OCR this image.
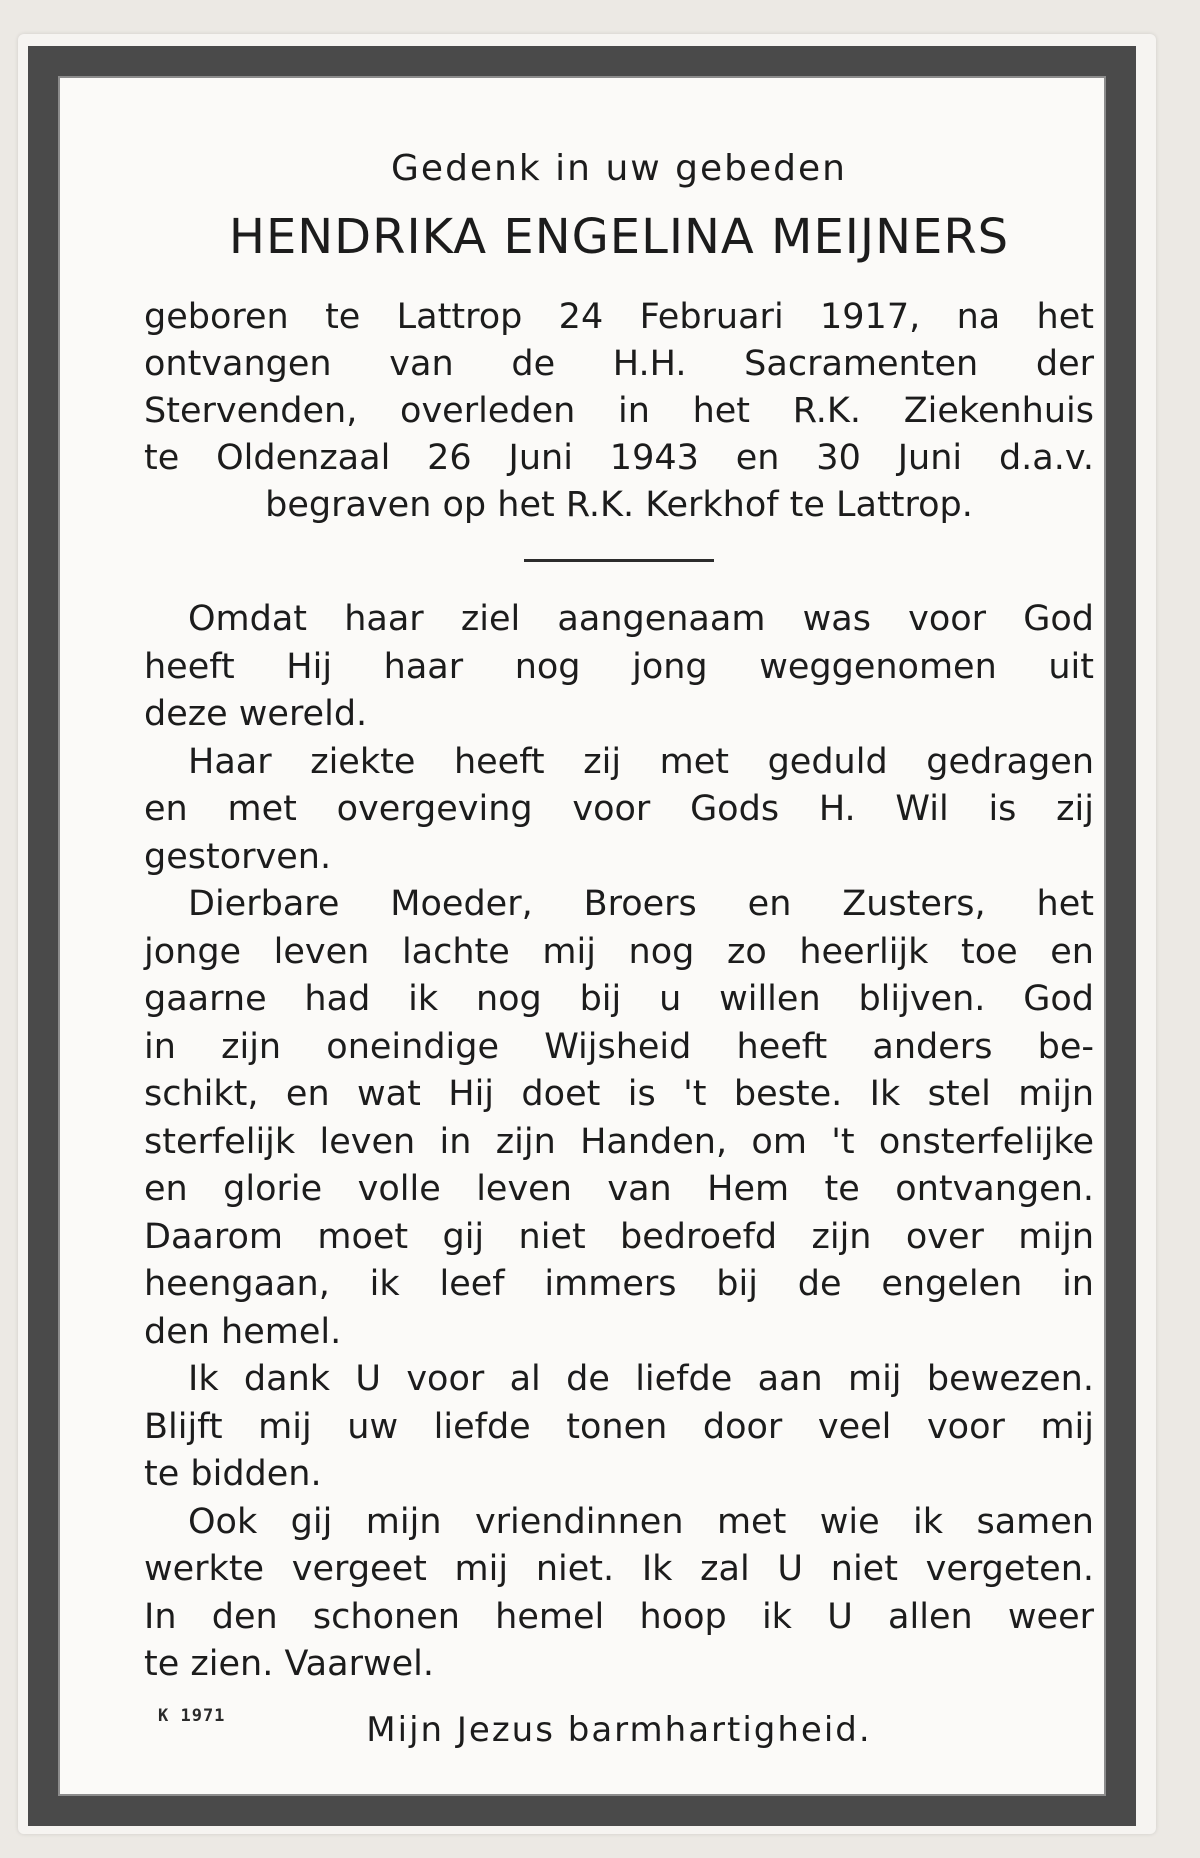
Gedenk in uw gebeden
HENDRIKA ENGELINA MEIJNERS
geboren te Lattrop 24 Februari 1917, na het
ontvangen van de H.H. Sacramenten der
Stervenden, overleden in het R.K. Ziekenhuis
te Oldenzaal 26 Juni 1943 en 30 Juni d.a.v.
begraven op het R.K. Kerkhof te Lattrop.
Omdat haar ziel aangenaam was voor God
heeft Hij haar nog jong weggenomen uit
deze wereld.
Haar ziekte heeft zij met geduld gedragen
en met overgeving voor Gods H. Wil is zij
gestorven.
Dierbare Moeder, Broers en Zusters, het
jonge leven lachte mij nog zo heerlijk toe en
gaarne had ik nog bij u willen blijven. God
in zijn oneindige Wijsheid heeft anders be-
schikt, en wat Hij doet is 't beste. Ik stel mijn
sterfelijk leven in zijn Handen, om 't onsterfelijke
en glorie volle leven van Hem te ontvangen.
Daarom moet gij niet bedroefd zijn over mijn
heengaan, ik leef immers bij de engelen in
den hemel.
Ik dank U voor al de liefde aan mij bewezen.
Blijft mij uw liefde tonen door veel voor mij
te bidden.
Ook gij mijn vriendinnen met wie ik samen
werkte vergeet mij niet. Ik zal U niet vergeten.
In den schonen hemel hoop ik U allen weer
te zien. Vaarwel.
Mijn Jezus barmhartigheid.
K 1971
